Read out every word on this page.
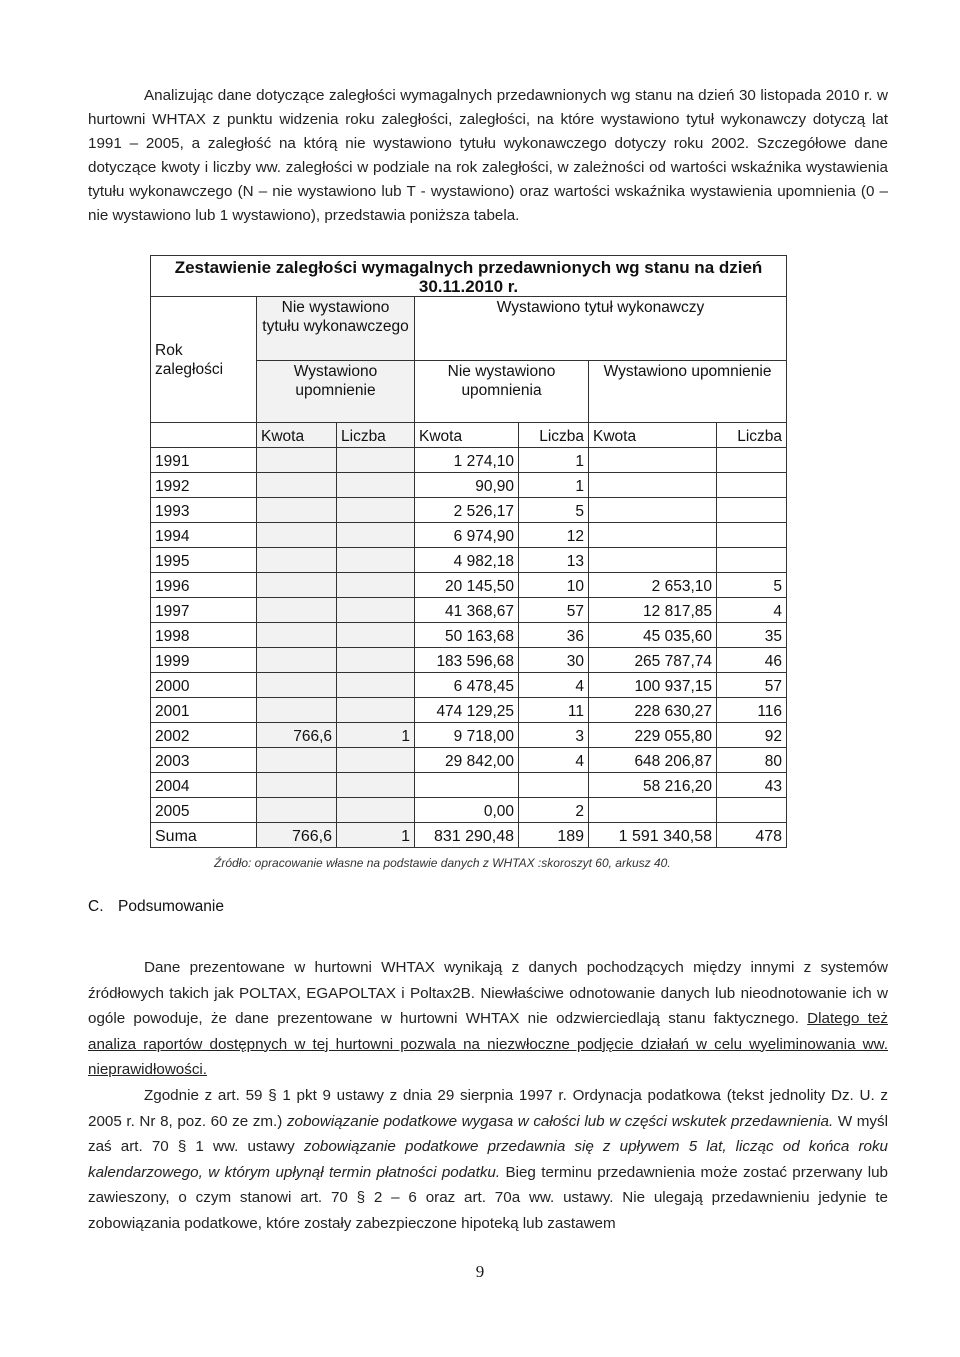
Analizując dane dotyczące zaległości wymagalnych przedawnionych wg stanu na dzień 30 listopada 2010 r. w hurtowni WHTAX z punktu widzenia roku zaległości, zaległości, na które wystawiono tytuł wykonawczy dotyczą lat 1991 – 2005, a zaległość na którą nie wystawiono tytułu wykonawczego dotyczy roku 2002. Szczegółowe dane dotyczące kwoty i liczby ww. zaległości w podziale na rok zaległości, w zależności od wartości wskaźnika wystawienia tytułu wykonawczego (N – nie wystawiono lub T - wystawiono) oraz wartości wskaźnika wystawienia upomnienia (0 – nie wystawiono lub 1 wystawiono), przedstawia poniższa tabela.
Zestawienie zaległości wymagalnych przedawnionych wg stanu na dzień 30.11.2010 r.
Rok zaległości	Nie wystawiono tytułu wykonawczego		Wystawiono tytuł wykonawczy			
	Wystawiono upomnienie		Nie wystawiono upomnienia		Wystawiono upomnienie	
	Kwota	Liczba	Kwota	Liczba	Kwota	Liczba
1991			1 274,10	1		
1992			90,90	1		
1993			2 526,17	5		
1994			6 974,90	12		
1995			4 982,18	13		
1996			20 145,50	10	2 653,10	5
1997			41 368,67	57	12 817,85	4
1998			50 163,68	36	45 035,60	35
1999			183 596,68	30	265 787,74	46
2000			6 478,45	4	100 937,15	57
2001			474 129,25	11	228 630,27	116
2002	766,6	1	9 718,00	3	229 055,80	92
2003			29 842,00	4	648 206,87	80
2004					58 216,20	43
2005			0,00	2		
Suma	766,6	1	831 290,48	189	1 591 340,58	478
Źródło: opracowanie własne na podstawie danych z WHTAX :skoroszyt 60, arkusz 40.
C. Podsumowanie
Dane prezentowane w hurtowni WHTAX wynikają z danych pochodzących między innymi z systemów źródłowych takich jak POLTAX, EGAPOLTAX i Poltax2B. Niewłaściwe odnotowanie danych lub nieodnotowanie ich w ogóle powoduje, że dane prezentowane w hurtowni WHTAX nie odzwierciedlają stanu faktycznego. Dlatego też analiza raportów dostępnych w tej hurtowni pozwala na niezwłoczne podjęcie działań w celu wyeliminowania ww. nieprawidłowości.
Zgodnie z art. 59 § 1 pkt 9 ustawy z dnia 29 sierpnia 1997 r. Ordynacja podatkowa (tekst jednolity Dz. U. z 2005 r. Nr 8, poz. 60 ze zm.) zobowiązanie podatkowe wygasa w całości lub w części wskutek przedawnienia. W myśl zaś art. 70 § 1 ww. ustawy zobowiązanie podatkowe przedawnia się z upływem 5 lat, licząc od końca roku kalendarzowego, w którym upłynął termin płatności podatku. Bieg terminu przedawnienia może zostać przerwany lub zawieszony, o czym stanowi art. 70 § 2 – 6 oraz art. 70a ww. ustawy. Nie ulegają przedawnieniu jedynie te zobowiązania podatkowe, które zostały zabezpieczone hipoteką lub zastawem
9
